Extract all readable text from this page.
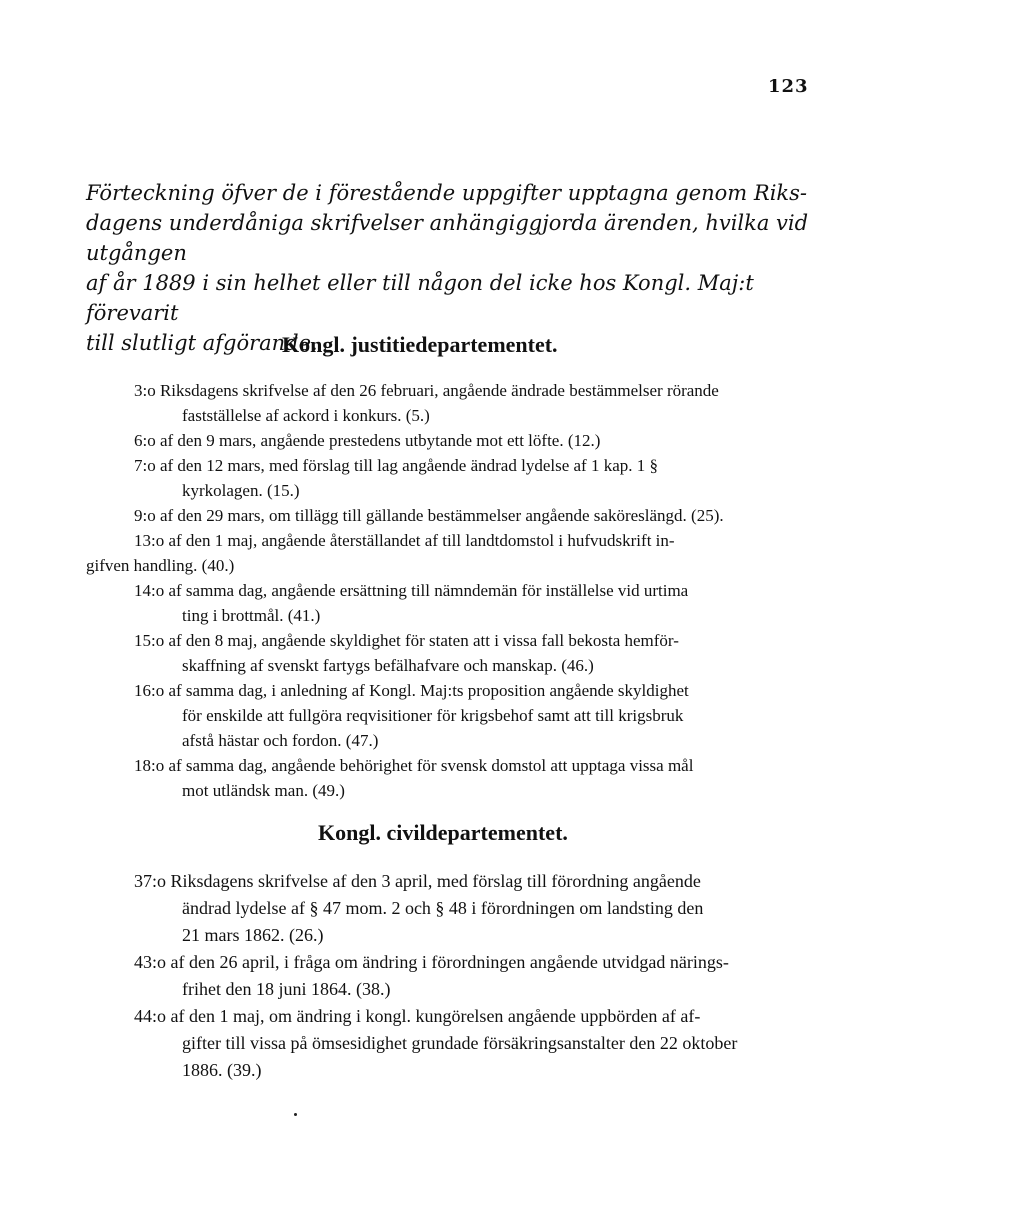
123
Förteckning öfver de i förestående uppgifter upptagna genom Riks-
dagens underdåniga skrifvelser anhängiggjorda ärenden, hvilka vid utgången
af år 1889 i sin helhet eller till någon del icke hos Kongl. Maj:t förevarit
till slutligt afgörande.
Kongl. justitiedepartementet.
3:o Riksdagens skrifvelse af den 26 februari, angående ändrade bestämmelser rörande
fastställelse af ackord i konkurs. (5.)
6:o af den 9 mars, angående prestedens utbytande mot ett löfte. (12.)
7:o af den 12 mars, med förslag till lag angående ändrad lydelse af 1 kap. 1 §
kyrkolagen. (15.)
9:o af den 29 mars, om tillägg till gällande bestämmelser angående saköreslängd. (25).
13:o af den 1 maj, angående återställandet af till landtdomstol i hufvudskrift in-
gifven handling. (40.)
14:o af samma dag, angående ersättning till nämndemän för inställelse vid urtima
ting i brottmål. (41.)
15:o af den 8 maj, angående skyldighet för staten att i vissa fall bekosta hemför-
skaffning af svenskt fartygs befälhafvare och manskap. (46.)
16:o af samma dag, i anledning af Kongl. Maj:ts proposition angående skyldighet
för enskilde att fullgöra reqvisitioner för krigsbehof samt att till krigsbruk
afstå hästar och fordon. (47.)
18:o af samma dag, angående behörighet för svensk domstol att upptaga vissa mål
mot utländsk man. (49.)
Kongl. civildepartementet.
37:o Riksdagens skrifvelse af den 3 april, med förslag till förordning angående
ändrad lydelse af § 47 mom. 2 och § 48 i förordningen om landsting den
21 mars 1862. (26.)
43:o af den 26 april, i fråga om ändring i förordningen angående utvidgad närings-
frihet den 18 juni 1864. (38.)
44:o af den 1 maj, om ändring i kongl. kungörelsen angående uppbörden af af-
gifter till vissa på ömsesidighet grundade försäkringsanstalter den 22 oktober
1886. (39.)
